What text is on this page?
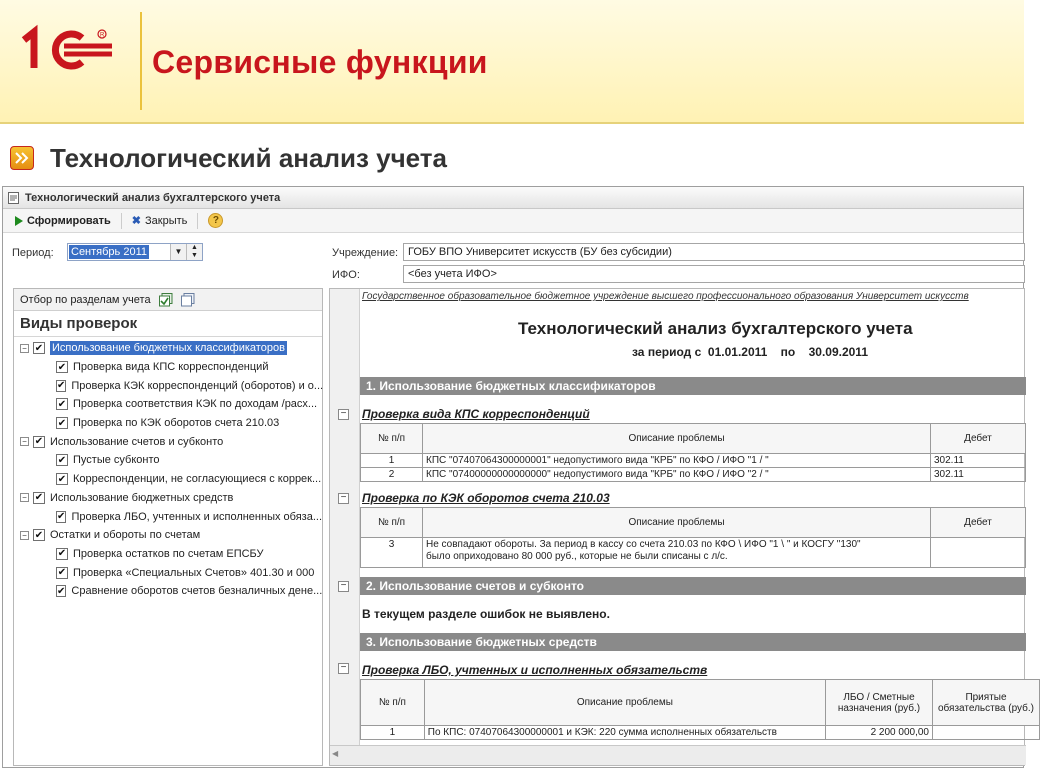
R
Сервисные функции
Технологический анализ учета
Технологический анализ бухгалтерского учета
Сформировать ✖ Закрыть	?
Период: Сентябрь 2011	▼	▲
▼	Учреждение: ГОБУ ВПО Университет искусств (БУ без субсидии)
ИФО:	<без учета ИФО>
Отбор по разделам учета
Виды проверок
− ✔ Использование бюджетных классификаторов
✔ Проверка вида КПС корреспонденций
✔ Проверка КЭК корреспонденций (оборотов) и о...
✔ Проверка соответствия КЭК по доходам /расх...
✔ Проверка по КЭК оборотов счета 210.03
− ✔ Использование счетов и субконто
✔ Пустые субконто
✔ Корреспонденции, не согласующиеся с коррек...
− ✔ Использование бюджетных средств
✔ Проверка ЛБО, учтенных и исполненных обяза...
− ✔ Остатки и обороты по счетам
✔ Проверка остатков по счетам ЕПСБУ
✔ Проверка «Специальных Счетов» 401.30 и 000
✔ Сравнение оборотов счетов безналичных дене...
−
−
−
−
Государственное образовательное бюджетное учреждение высшего профессионального образования Университет искусств
Технологический анализ бухгалтерского учета
за период с 01.01.2011 по 30.09.2011
1. Использование бюджетных классификаторов
Проверка вида КПС корреспонденций
№ п/п	Описание проблемы	Дебет
1	КПС "07407064300000001" недопустимого вида "КРБ" по КФО / ИФО "1 / "	302.11
2	КПС "07400000000000000" недопустимого вида "КРБ" по КФО / ИФО "2 / "	302.11
Проверка по КЭК оборотов счета 210.03
№ п/п	Описание проблемы	Дебет
3	Не совпадают обороты. За период в кассу со счета 210.03 по КФО \ ИФО "1 \ " и КОСГУ "130"
было оприходовано 80 000 руб., которые не были списаны с л/с.	

2. Использование счетов и субконто
В текущем разделе ошибок не выявлено.
3. Использование бюджетных средств
Проверка ЛБО, учтенных и исполненных обязательств
№ п/п	Описание проблемы	ЛБО / Сметные назначения (руб.)	Приятые обязательства (руб.)
1	По КПС: 07407064300000001 и КЭК: 220 сумма исполненных обязательств	2 200 000,00	
◀
